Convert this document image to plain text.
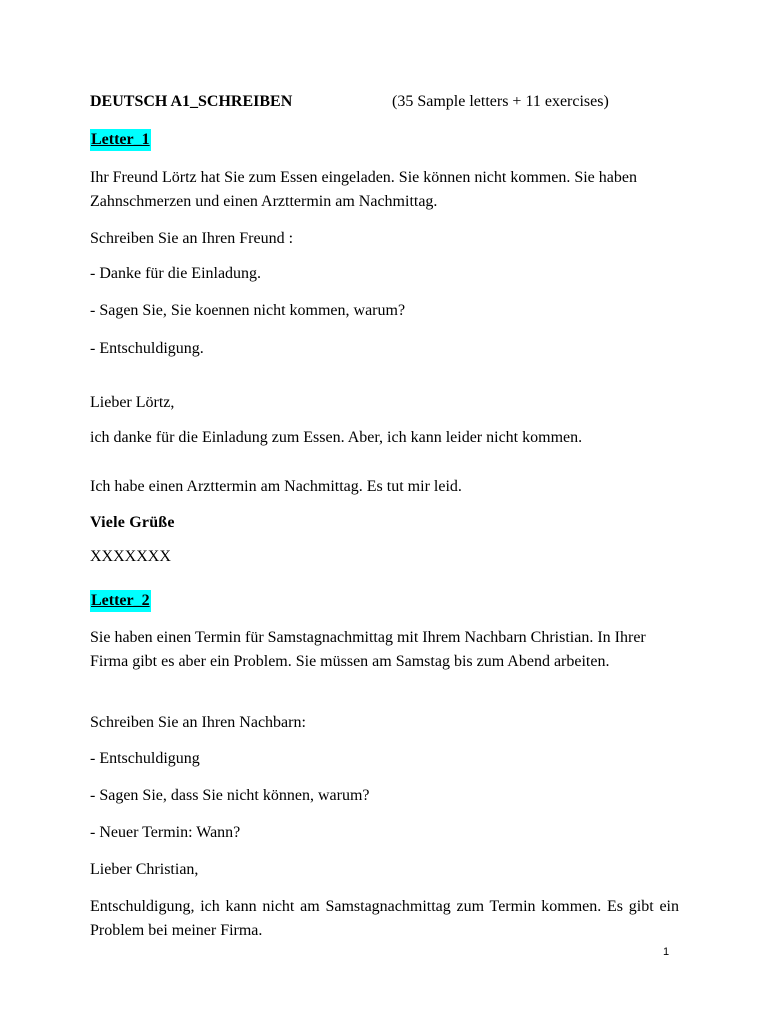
DEUTSCH A1_SCHREIBEN	(35 Sample letters + 11 exercises)
Letter_1
Ihr Freund Lörtz hat Sie zum Essen eingeladen. Sie können nicht kommen. Sie haben Zahnschmerzen und einen Arzttermin am Nachmittag.
Schreiben Sie an Ihren Freund :
- Danke für die Einladung.
- Sagen Sie, Sie koennen nicht kommen, warum?
- Entschuldigung.
Lieber Lörtz,
ich danke für die Einladung zum Essen. Aber, ich kann leider nicht kommen.
Ich habe einen Arzttermin am Nachmittag. Es tut mir leid.
Viele Grüße
XXXXXXX
Letter_2
Sie haben einen Termin für Samstagnachmittag mit Ihrem Nachbarn Christian. In Ihrer Firma gibt es aber ein Problem. Sie müssen am Samstag bis zum Abend arbeiten.
Schreiben Sie an Ihren Nachbarn:
- Entschuldigung
- Sagen Sie, dass Sie nicht können, warum?
- Neuer Termin: Wann?
Lieber Christian,
Entschuldigung, ich kann nicht am Samstagnachmittag zum Termin kommen. Es gibt ein Problem bei meiner Firma.
1
